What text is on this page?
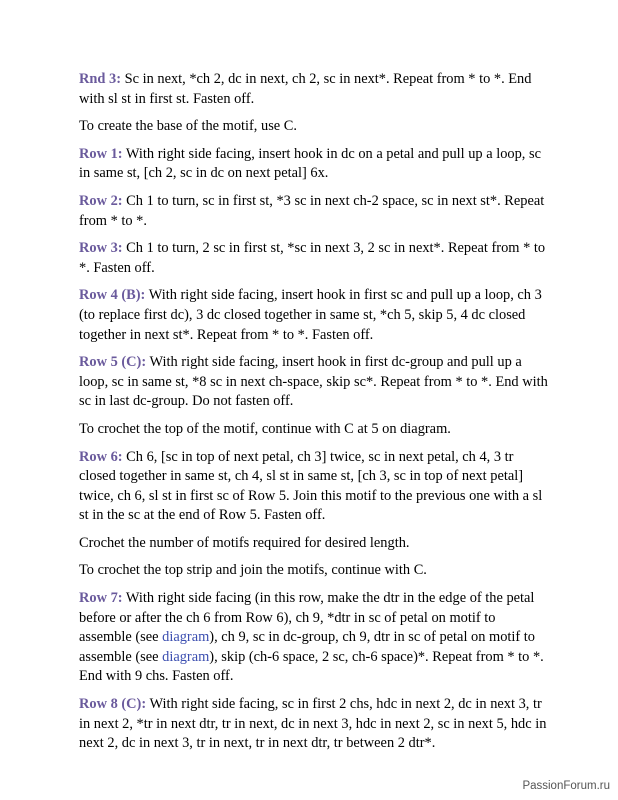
Rnd 3: Sc in next, *ch 2, dc in next, ch 2, sc in next*. Repeat from * to *. End with sl st in first st. Fasten off.

To create the base of the motif, use C.

Row 1: With right side facing, insert hook in dc on a petal and pull up a loop, sc in same st, [ch 2, sc in dc on next petal] 6x.

Row 2: Ch 1 to turn, sc in first st, *3 sc in next ch-2 space, sc in next st*. Repeat from * to *.

Row 3: Ch 1 to turn, 2 sc in first st, *sc in next 3, 2 sc in next*. Repeat from * to *. Fasten off.

Row 4 (B): With right side facing, insert hook in first sc and pull up a loop, ch 3 (to replace first dc), 3 dc closed together in same st, *ch 5, skip 5, 4 dc closed together in next st*. Repeat from * to *. Fasten off.

Row 5 (C): With right side facing, insert hook in first dc-group and pull up a loop, sc in same st, *8 sc in next ch-space, skip sc*. Repeat from * to *. End with sc in last dc-group. Do not fasten off.

To crochet the top of the motif, continue with C at 5 on diagram.

Row 6: Ch 6, [sc in top of next petal, ch 3] twice, sc in next petal, ch 4, 3 tr closed together in same st, ch 4, sl st in same st, [ch 3, sc in top of next petal] twice, ch 6, sl st in first sc of Row 5. Join this motif to the previous one with a sl st in the sc at the end of Row 5. Fasten off.

Crochet the number of motifs required for desired length.

To crochet the top strip and join the motifs, continue with C.

Row 7: With right side facing (in this row, make the dtr in the edge of the petal before or after the ch 6 from Row 6), ch 9, *dtr in sc of petal on motif to assemble (see diagram), ch 9, sc in dc-group, ch 9, dtr in sc of petal on motif to assemble (see diagram), skip (ch-6 space, 2 sc, ch-6 space)*. Repeat from * to *. End with 9 chs. Fasten off.

Row 8 (C): With right side facing, sc in first 2 chs, hdc in next 2, dc in next 3, tr in next 2, *tr in next dtr, tr in next, dc in next 3, hdc in next 2, sc in next 5, hdc in next 2, dc in next 3, tr in next, tr in next dtr, tr between 2 dtr*.

PassionForum.ru
